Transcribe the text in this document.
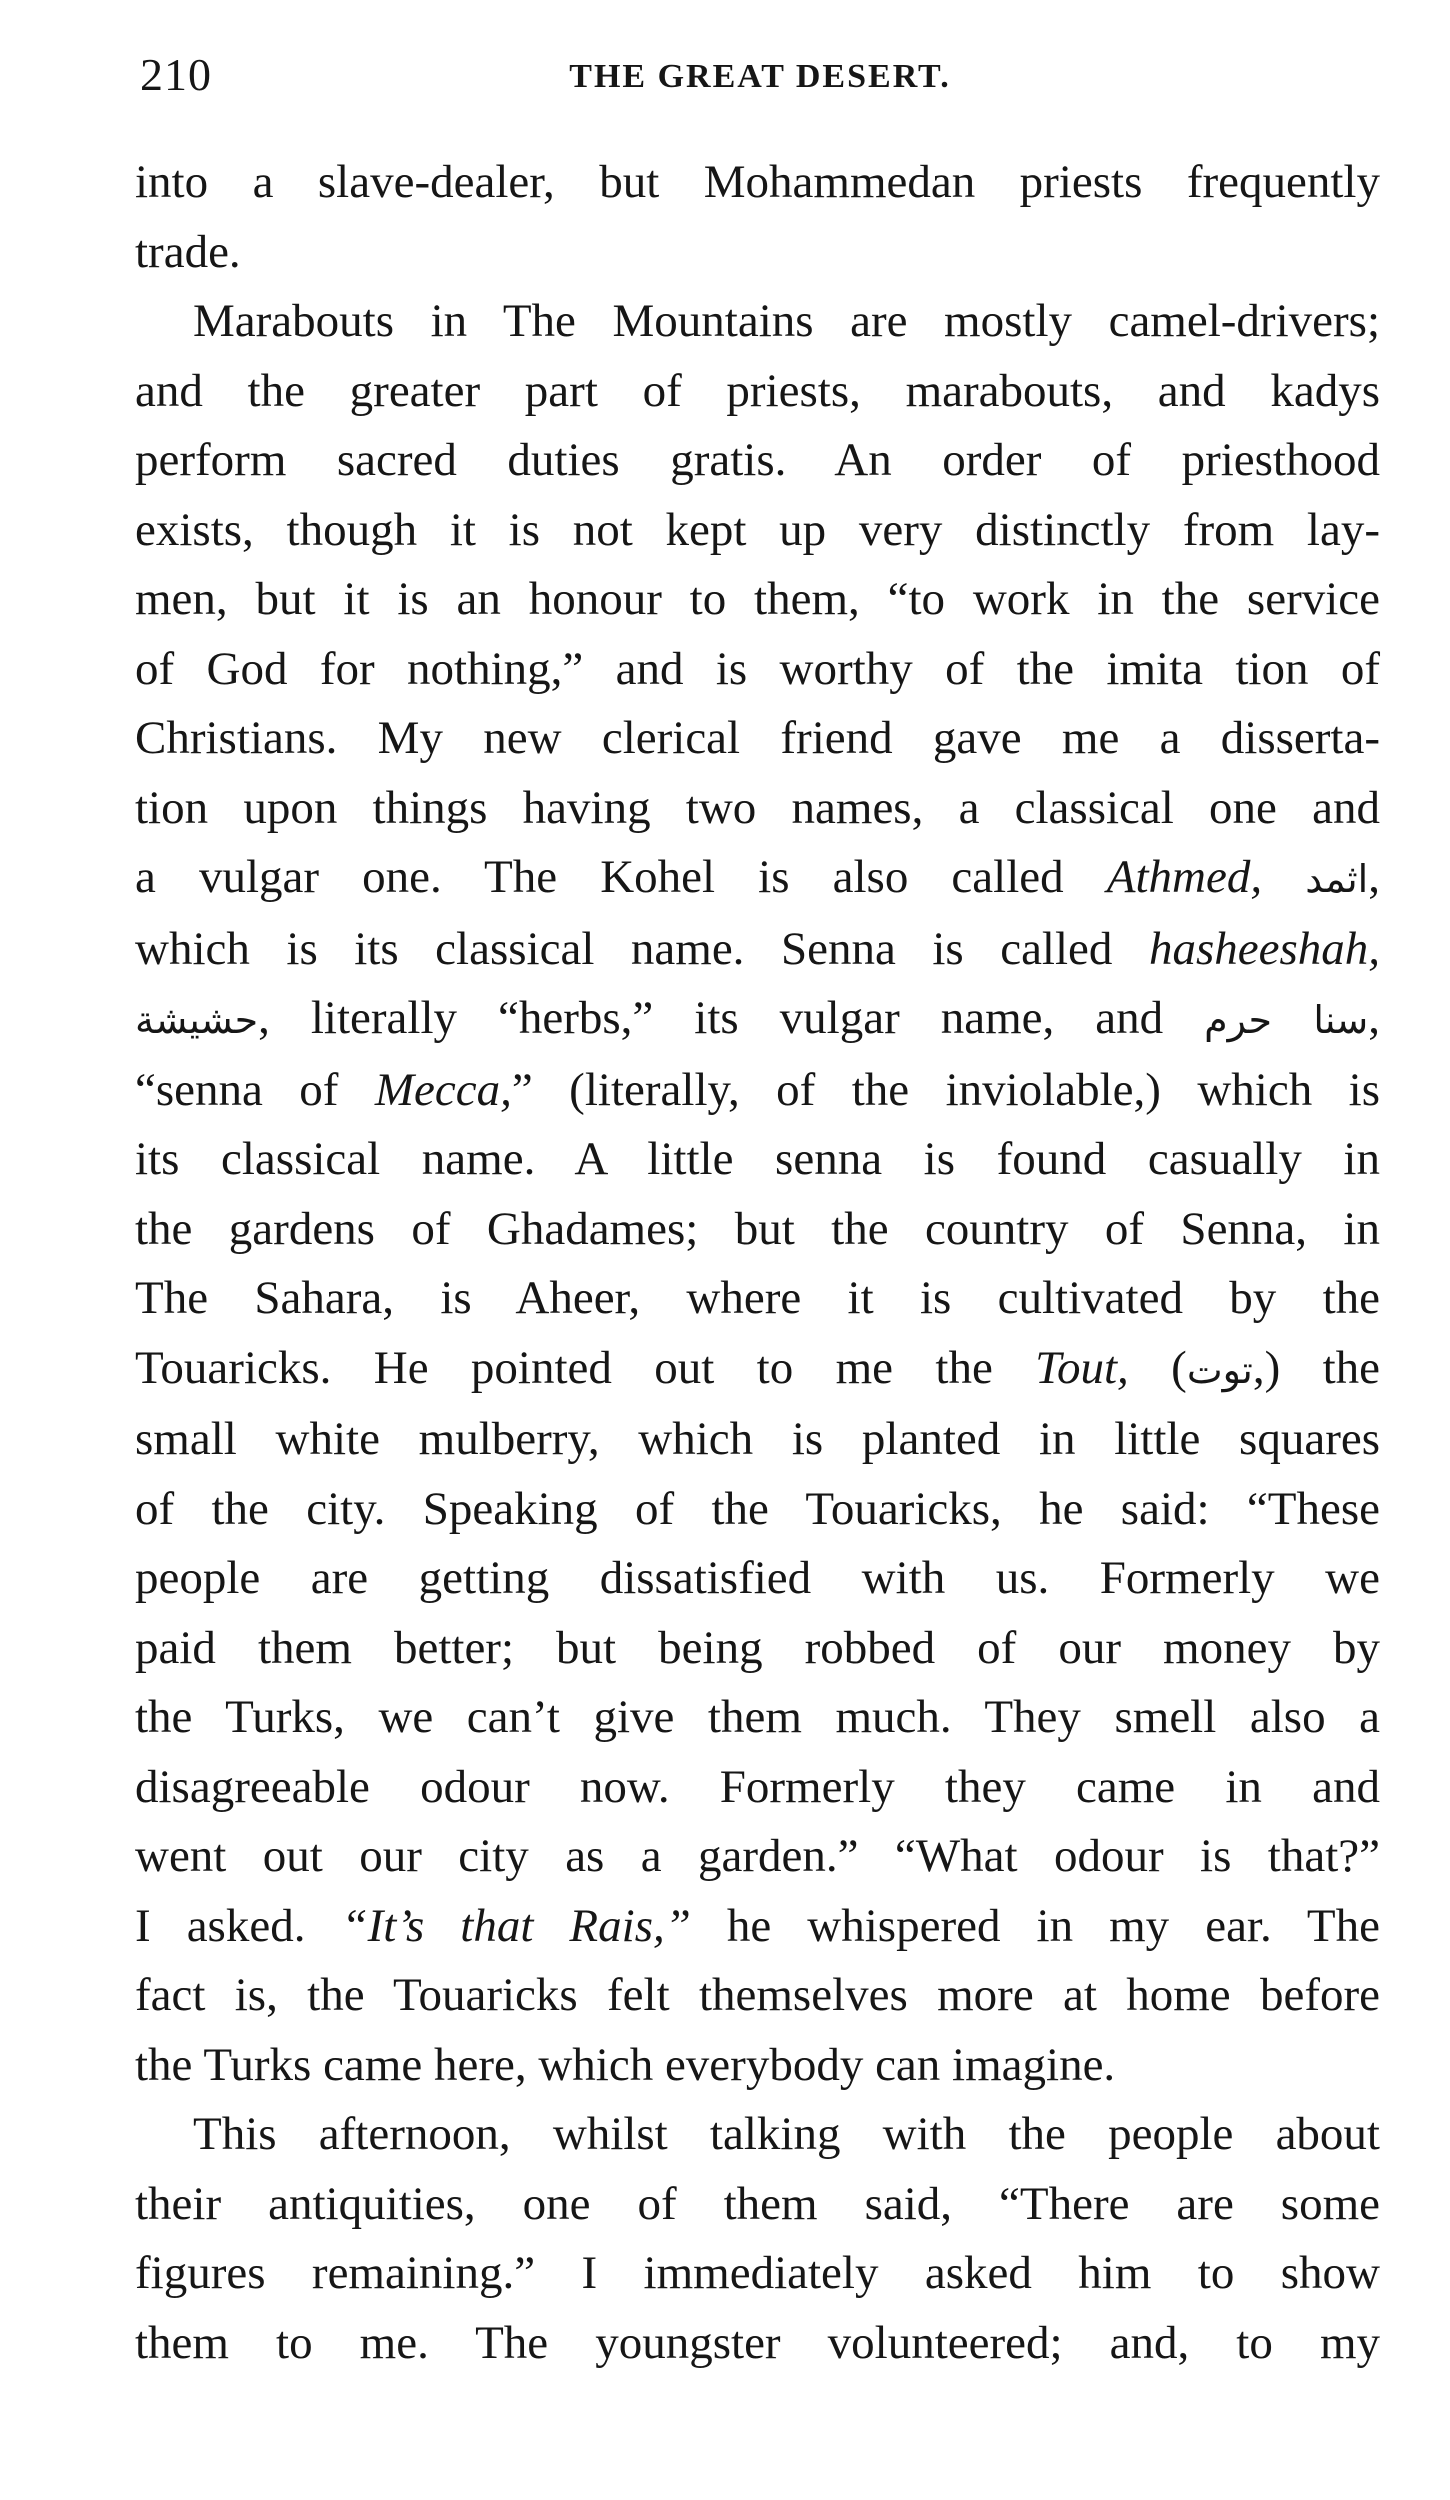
210	THE GREAT DESERT.
into a slave-dealer, but Mohammedan priests frequently
trade.
Marabouts in The Mountains are mostly camel-drivers;
and the greater part of priests, marabouts, and kadys
perform sacred duties gratis. An order of priesthood
exists, though it is not kept up very distinctly from lay-
men, but it is an honour to them, “to work in the service
of God for nothing,” and is worthy of the imita tion of
Christians. My new clerical friend gave me a disserta-
tion upon things having two names, a classical one and
a vulgar one. The Kohel is also called Athmed, اثمد,
which is its classical name. Senna is called hasheeshah,
حشيشة, literally “herbs,” its vulgar name, and سنا حرم,
“senna of Mecca,” (literally, of the inviolable,) which is
its classical name. A little senna is found casually in
the gardens of Ghadames; but the country of Senna, in
The Sahara, is Aheer, where it is cultivated by the
Touaricks. He pointed out to me the Tout, (توت,) the
small white mulberry, which is planted in little squares
of the city. Speaking of the Touaricks, he said: “These
people are getting dissatisfied with us. Formerly we
paid them better; but being robbed of our money by
the Turks, we can’t give them much. They smell also a
disagreeable odour now. Formerly they came in and
went out our city as a garden.” “What odour is that?”
I asked. “It’s that Rais,” he whispered in my ear. The
fact is, the Touaricks felt themselves more at home before
the Turks came here, which everybody can imagine.
This afternoon, whilst talking with the people about
their antiquities, one of them said, “There are some
figures remaining.” I immediately asked him to show
them to me. The youngster volunteered; and, to my
